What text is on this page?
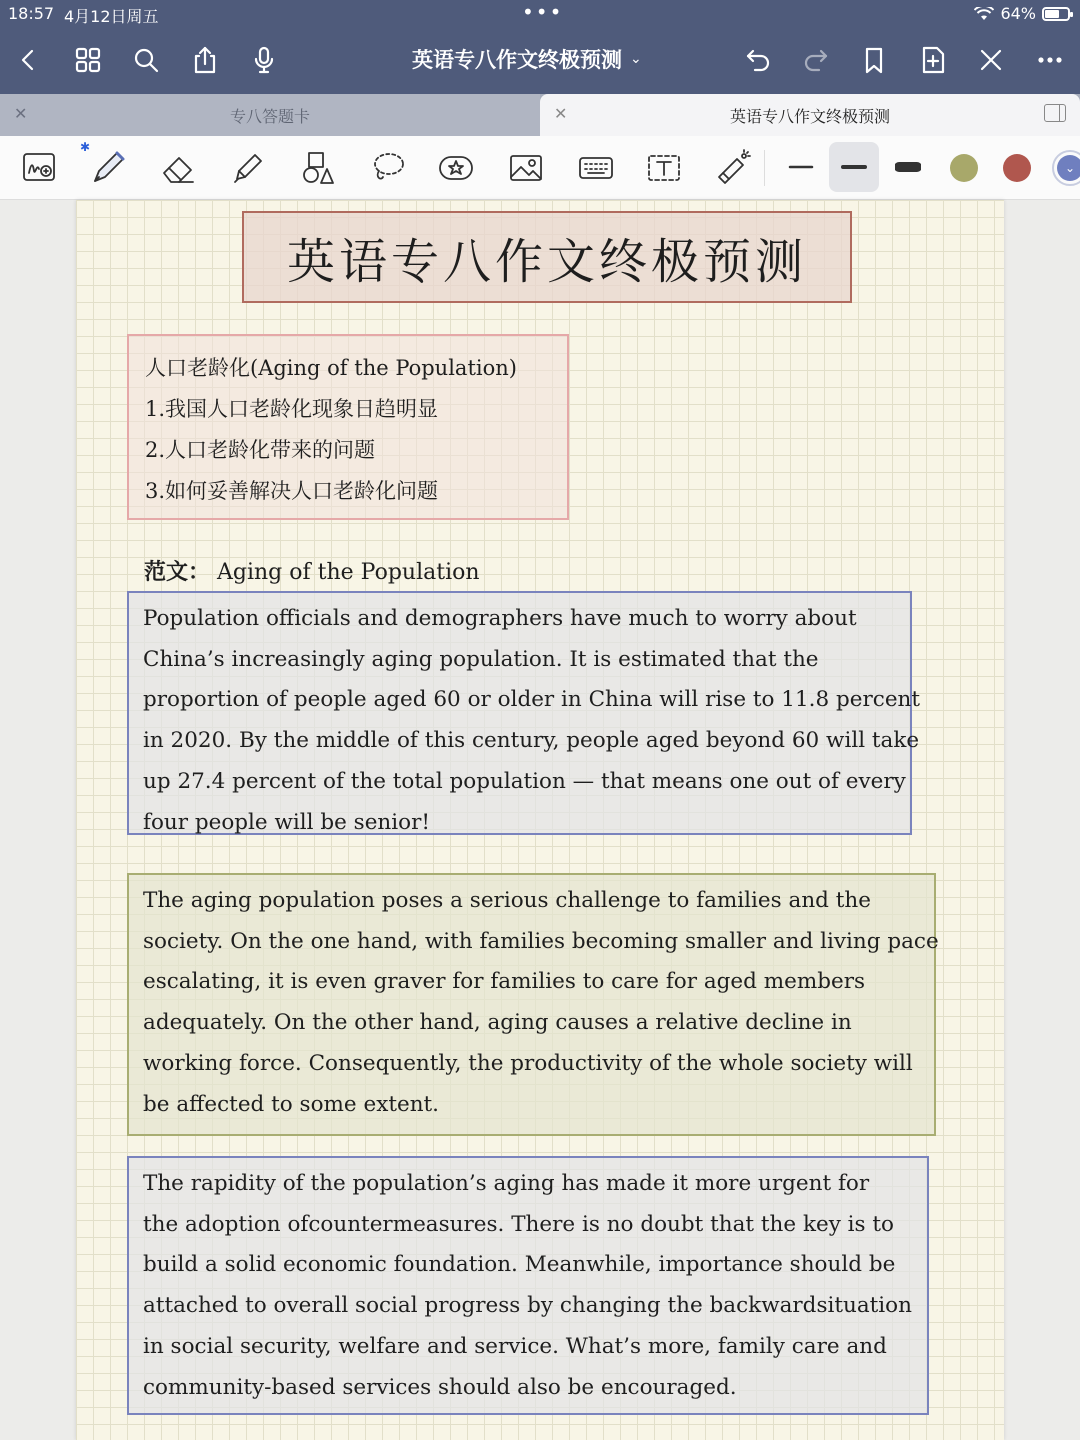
18:57 4月12日周五	•••	64%
英语专八作文终极预测 ⌄
✕	专八答题卡	✕	英语专八作文终极预测
✱
⌄
英语专八作文终极预测

人口老龄化(Aging of the Population)

1.我国人口老龄化现象日趋明显

2.人口老龄化带来的问题

3.如何妥善解决人口老龄化问题

范文： Aging of the Population

Population officials and demographers have much to worry about

China’s increasingly aging population. It is estimated that the

proportion of people aged 60 or older in China will rise to 11.8 percent

in 2020. By the middle of this century, people aged beyond 60 will take

up 27.4 percent of the total population — that means one out of every

four people will be senior!

The aging population poses a serious challenge to families and the

society. On the one hand, with families becoming smaller and living pace

escalating, it is even graver for families to care for aged members

adequately. On the other hand, aging causes a relative decline in

working force. Consequently, the productivity of the whole society will

be affected to some extent.

The rapidity of the population’s aging has made it more urgent for

the adoption ofcountermeasures. There is no doubt that the key is to

build a solid economic foundation. Meanwhile, importance should be

attached to overall social progress by changing the backwardsituation

in social security, welfare and service. What’s more, family care and

community-based services should also be encouraged.
